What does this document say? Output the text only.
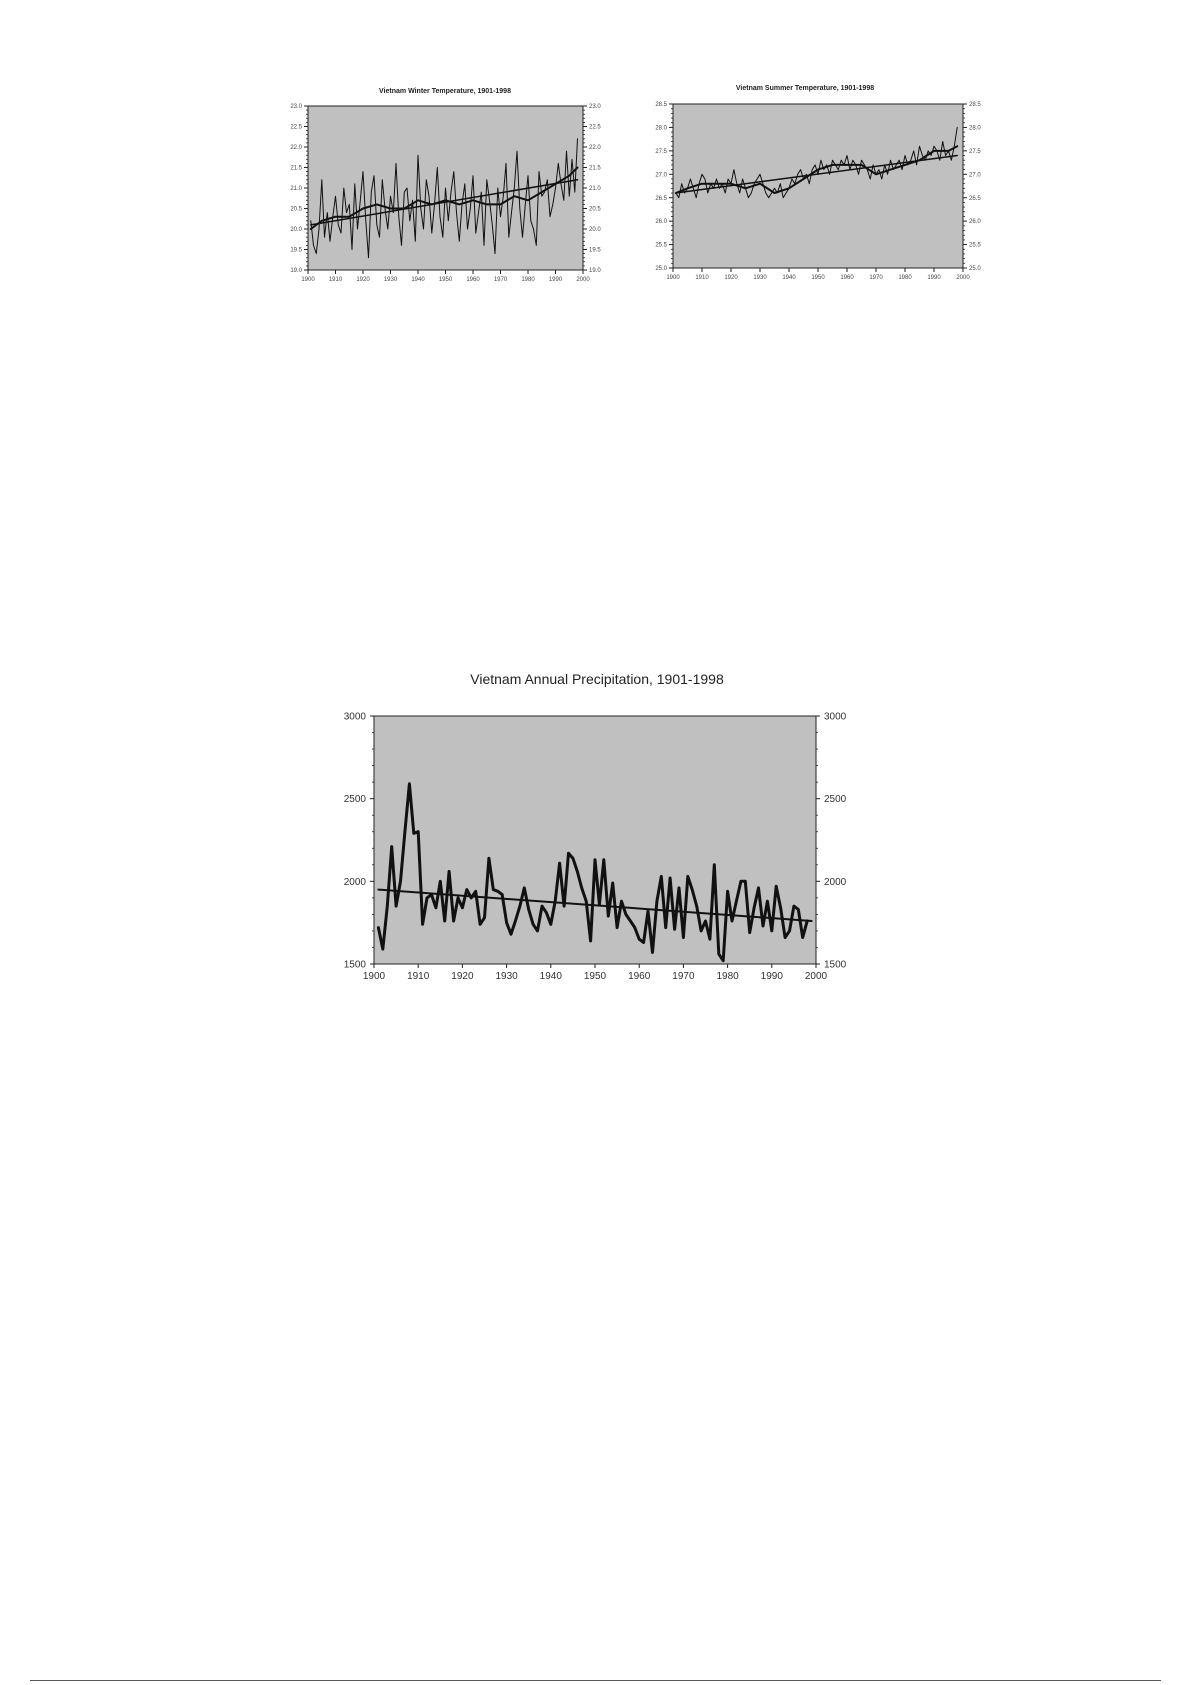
Vietnam Winter Temperature, 1901-1998
19.0
19.5
20.0
20.5
21.0
21.5
22.0
22.5
23.0
19.0
19.5
20.0
20.5
21.0
21.5
22.0
22.5
23.0
1900 1910 1920 1930 1940 1950 1960 1970 1980 1990 2000
Vietnam Summer Temperature, 1901-1998
25.0
25.5
26.0
26.5
27.0
27.5
28.0
28.5
25.0
25.5
26.0
26.5
27.0
27.5
28.0
28.5
1900	1910	1920	1930	1940	1950	1960	1970	1980	1990	2000
Vietnam Annual Precipitation, 1901-1998
1500
2000
2500
3000
1500
2000
2500
3000
1900 1910 1920 1930 1940 1950 1960 1970 1980 1990 2000
